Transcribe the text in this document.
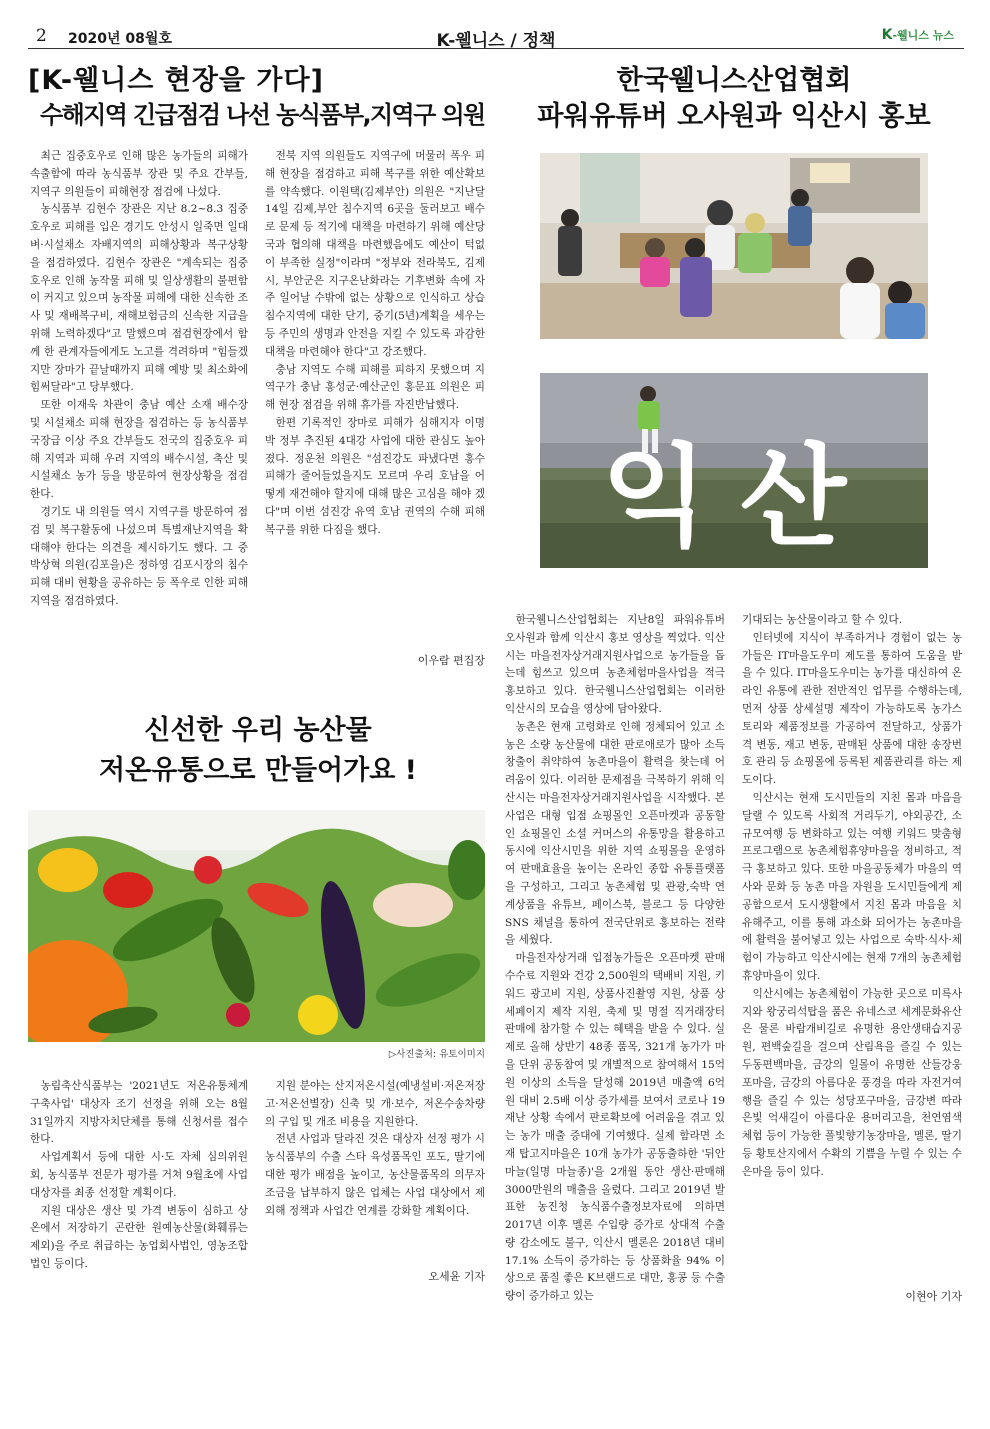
2 2020년 08월호	K-웰니스 / 정책	K-웰니스 뉴스
[K-웰니스 현장을 가다]
수해지역 긴급점검 나선 농식품부,지역구 의원

최근 집중호우로 인해 많은 농가들의 피해가 속출함에 따라 농식품부 장관 및 주요 간부들, 지역구 의원들이 피해현장 점검에 나섰다.

농식품부 김현수 장관은 지난 8.2~8.3 집중호우로 피해를 입은 경기도 안성시 일죽면 일대 벼·시설채소 자배지역의 피해상황과 복구상황을 점검하였다. 김현수 장관은 "계속되는 집중호우로 인해 농작물 피해 및 일상생활의 불편함이 커지고 있으며 농작물 피해에 대한 신속한 조사 및 재배복구비, 재해보험금의 신속한 지급을 위해 노력하겠다"고 말했으며 점검현장에서 함께 한 관계자들에게도 노고를 격려하며 "힘들겠지만 장마가 끝날때까지 피해 예방 및 최소화에 힘써달라"고 당부했다.

또한 이재욱 차관이 충남 예산 소재 배수장 및 시설채소 피해 현장을 점검하는 등 농식품부 국장급 이상 주요 간부들도 전국의 집중호우 피해 지역과 피해 우려 지역의 배수시설, 축산 및 시설채소 농가 등을 방문하여 현장상황을 점검한다.

경기도 내 의원들 역시 지역구를 방문하여 점검 및 복구활동에 나섰으며 특별재난지역을 확대해야 한다는 의견을 제시하기도 했다. 그 중 박상혁 의원(김포을)은 정하영 김포시장의 침수피해 대비 현황을 공유하는 등 폭우로 인한 피해지역을 점검하였다.

전북 지역 의원들도 지역구에 머물러 폭우 피해 현장을 점검하고 피해 복구를 위한 예산확보를 약속했다. 이원택(김제부안) 의원은 "지난달 14일 김제,부안 침수지역 6곳을 둘러보고 배수로 문제 등 적기에 대책을 마련하기 위해 예산당국과 협의해 대책을 마련했음에도 예산이 턱없이 부족한 실정"이라며 "정부와 전라북도, 김제시, 부안군은 지구온난화라는 기후변화 속에 자주 일어날 수밖에 없는 상황으로 인식하고 상습침수지역에 대한 단기, 중기(5년)계획을 세우는 등 주민의 생명과 안전을 지킬 수 있도록 과감한 대책을 마련해야 한다"고 강조했다.

충남 지역도 수해 피해를 피하지 못했으며 지역구가 충남 홍성군·예산군인 홍문표 의원은 피해 현장 점검을 위해 휴가를 자진반납했다.

한편 기록적인 장마로 피해가 심해지자 이명박 정부 추진된 4대강 사업에 대한 관심도 높아졌다. 정운천 의원은 "섬진강도 파냈다면 홍수 피해가 줄어들었을지도 모르며 우리 호남을 어떻게 재건해야 할지에 대해 많은 고심을 해야 겠다"며 이번 섬진강 유역 호남 권역의 수해 피해 복구를 위한 다짐을 했다.

이우람 편집장
한국웰니스산업협회
파워유튜버 오사원과 익산시 홍보
익산

한국웰니스산업협회는 지난8일 파워유튜버 오사원과 함께 익산시 홍보 영상을 찍었다. 익산시는 마을전자상거래지원사업으로 농가들을 돕는데 힘쓰고 있으며 농촌체험마을사업을 적극 홍보하고 있다. 한국웰니스산업협회는 이러한 익산시의 모습을 영상에 담아왔다.

농촌은 현재 고령화로 인해 정체되어 있고 소농은 소량 농산물에 대한 판로애로가 많아 소득창출이 취약하여 농촌마을이 활력을 찾는데 어려움이 있다. 이러한 문제점을 극복하기 위해 익산시는 마을전자상거래지원사업을 시작했다. 본 사업은 대형 입점 쇼핑몰인 오픈마켓과 공동할인 쇼핑몰인 소셜 커머스의 유통망을 활용하고 동시에 익산시민을 위한 지역 쇼핑몰을 운영하여 판매효율을 높이는 온라인 종합 유통플랫폼을 구성하고, 그리고 농촌체험 및 관광,숙박 연계상품을 유튜브, 페이스북, 블로그 등 다양한 SNS 채널을 통하여 전국단위로 홍보하는 전략을 세웠다.

마을전자상거래 입점농가들은 오픈마켓 판매수수료 지원와 건강 2,500원의 택배비 지원, 키워드 광고비 지원, 상품사진촬영 지원, 상품 상세페이지 제작 지원, 축제 및 명절 직거래장터 판매에 참가할 수 있는 혜택을 받을 수 있다. 실제로 올해 상반기 48종 품목, 321개 농가가 마을 단위 공동참여 및 개별적으로 참여해서 15억 원 이상의 소득을 달성해 2019년 매출액 6억 원 대비 2.5배 이상 증가세를 보여서 코로나 19 재난 상황 속에서 판로확보에 어려움을 겪고 있는 농가 매출 증대에 기여했다. 실제 함라면 소재 탑고지마을은 10개 농가가 공동출하한 '뒤안마늘(일명 마늘종)'을 2개월 동안 생산·판매해 3000만원의 매출을 올렸다. 그리고 2019년 발표한 농진청 농식품수출정보자료에 의하면 2017년 이후 멜론 수입량 증가로 상대적 수출량 감소에도 불구, 익산시 멜론은 2018년 대비 17.1% 소득이 증가하는 등 상품화율 94% 이상으로 품질 좋은 K브랜드로 대만, 홍콩 등 수출량이 증가하고 있는

기대되는 농산물이라고 할 수 있다.

인터넷에 지식이 부족하거나 경험이 없는 농가들은 IT마을도우미 제도를 통하여 도움을 받을 수 있다. IT마을도우미는 농가를 대신하여 온라인 유통에 관한 전반적인 업무를 수행하는데, 먼저 상품 상세설명 제작이 가능하도록 농가스토리와 제품정보를 가공하여 전달하고, 상품가격 변동, 재고 변동, 판매된 상품에 대한 송장번호 관리 등 쇼핑몰에 등록된 제품관리를 하는 제도이다.

익산시는 현재 도시민들의 지친 몸과 마음을 달랠 수 있도록 사회적 거리두기, 야외공간, 소규모여행 등 변화하고 있는 여행 키워드 맞춤형 프로그램으로 농촌체험휴양마을을 정비하고, 적극 홍보하고 있다. 또한 마을공동체가 마을의 역사와 문화 등 농촌 마을 자원을 도시민들에게 제공함으로서 도시생활에서 지친 몸과 마음을 치유해주고, 이를 통해 과소화 되어가는 농촌마을에 활력을 불어넣고 있는 사업으로 숙박·식사·체험이 가능하고 익산시에는 현재 7개의 농촌체험휴양마을이 있다.

익산시에는 농촌체험이 가능한 곳으로 미륵사지와 왕궁리석탑을 품은 유네스코 세계문화유산은 물론 바람개비길로 유명한 용안생태습지공원, 편백숲길을 걸으며 산림욕을 즐길 수 있는 두동편백마을, 금강의 일몰이 유명한 산들강웅포마을, 금강의 아름다운 풍경을 따라 자전거여행을 즐길 수 있는 성당포구마을, 금강변 따라 은빛 억새길이 아름다운 용머리고을, 천연염색 체험 등이 가능한 폴빛향기농장마을, 멜론, 딸기 등 황토산지에서 수확의 기쁨을 누릴 수 있는 수은마을 등이 있다.

이현아 기자
신선한 우리 농산물
저온유통으로 만들어가요 !
▷사진출처: 유토이미지

농림축산식품부는 '2021년도 저온유통체계구축사업' 대상자 조기 선정을 위해 오는 8월 31일까지 지방자치단체를 통해 신청서를 접수한다.

사업계획서 등에 대한 시·도 자체 심의위원회, 농식품부 전문가 평가를 거쳐 9월초에 사업대상자를 최종 선정할 계획이다.

지원 대상은 생산 및 가격 변동이 심하고 상온에서 저장하기 곤란한 원예농산물(화훼류는 제외)을 주로 취급하는 농업회사법인, 영농조합법인 등이다.

지원 분야는 산지저온시설(예냉설비·저온저장고·저온선별장) 신축 및 개·보수, 저온수송차량의 구입 및 개조 비용을 지원한다.

전년 사업과 달라진 것은 대상자 선정 평가 시 농식품부의 수출 스타 육성품목인 포도, 딸기에 대한 평가 배점을 높이고, 농산물품목의 의무자조금을 납부하지 않은 업체는 사업 대상에서 제외해 정책과 사업간 연계를 강화할 계획이다.

오세윤 기자
